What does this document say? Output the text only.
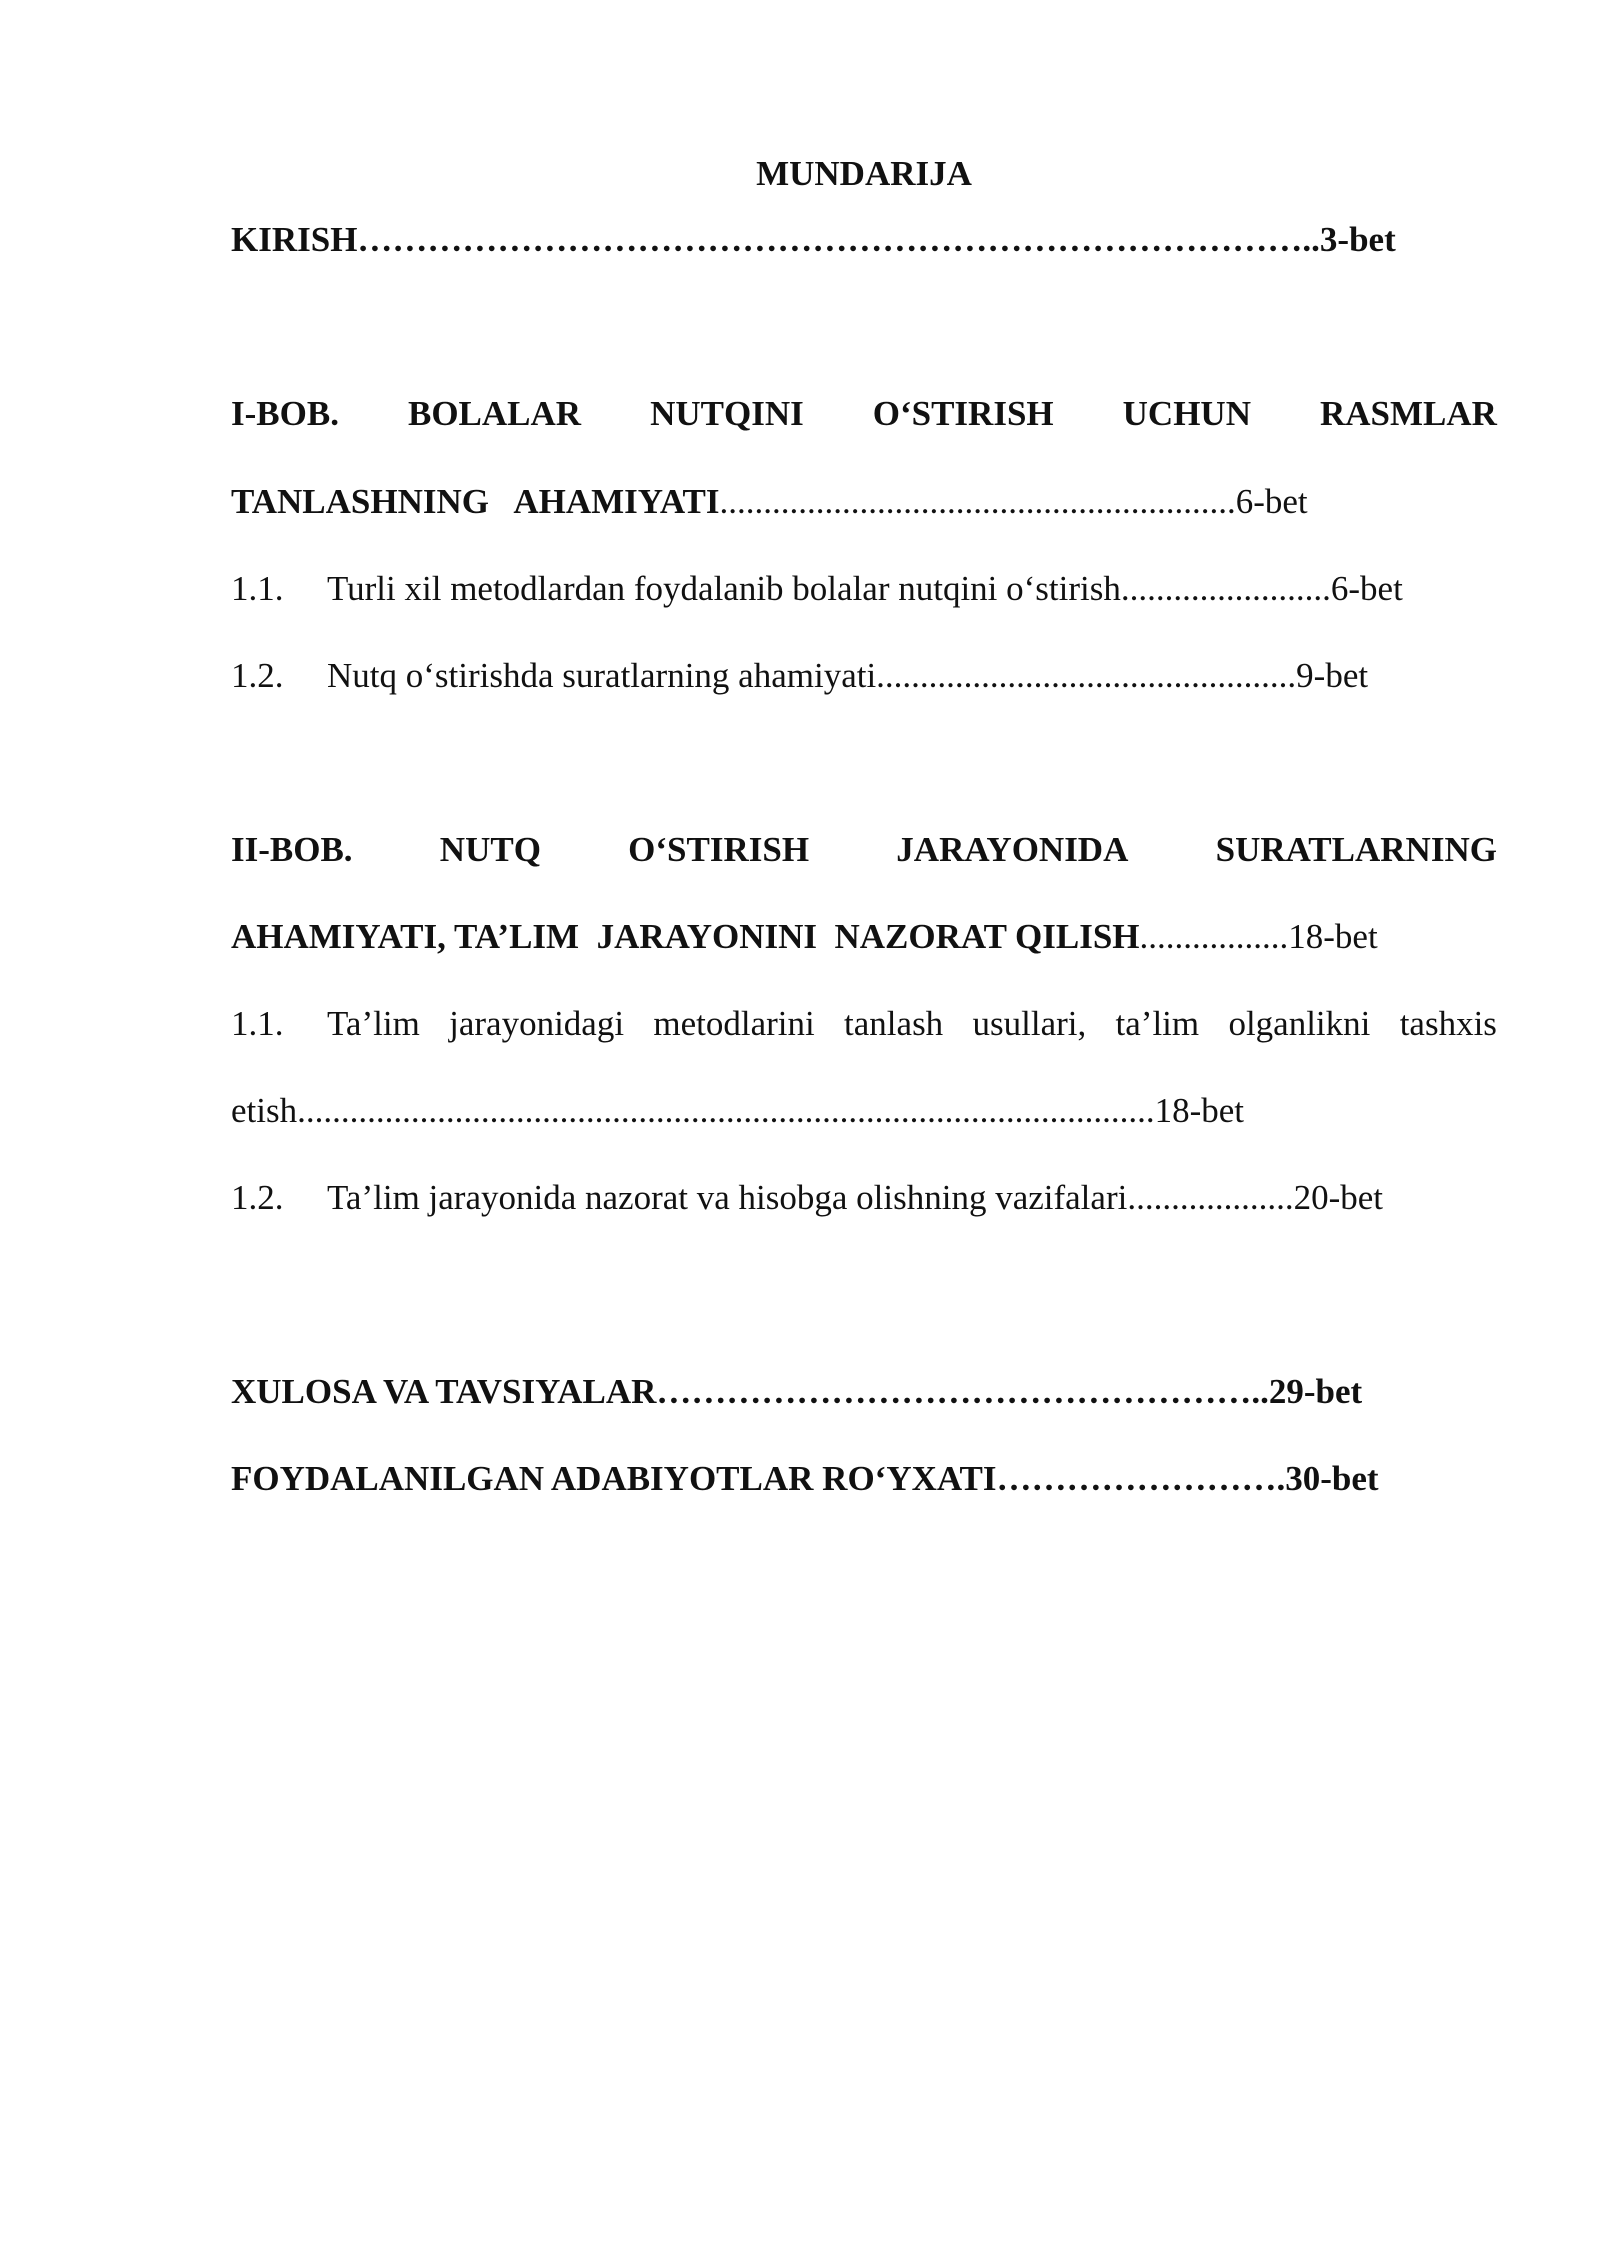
MUNDARIJA
KIRISH………………………………………………………………………..3-bet
I-BOB. BOLALAR NUTQINI O‘STIRISH UCHUN RASMLAR
TANLASHNING   AHAMIYATI...........................................................6-bet
1.1. Turli xil metodlardan foydalanib bolalar nutqini o‘stirish........................6-bet
1.2. Nutq o‘stirishda suratlarning ahamiyati................................................9-bet
II-BOB. NUTQ O‘STIRISH JARAYONIDA SURATLARNING
AHAMIYATI, TA’LIM  JARAYONINI  NAZORAT QILISH.................18-bet
1.1.	Ta’lim jarayonidagi metodlarini tanlash usullari, ta’lim olganlikni tashxis
etish..................................................................................................18-bet
1.2. Ta’lim jarayonida nazorat va hisobga olishning vazifalari...................20-bet
XULOSA VA TAVSIYALAR……………………………………………..29-bet
FOYDALANILGAN ADABIYOTLAR RO‘YXATI…………………….30-bet
